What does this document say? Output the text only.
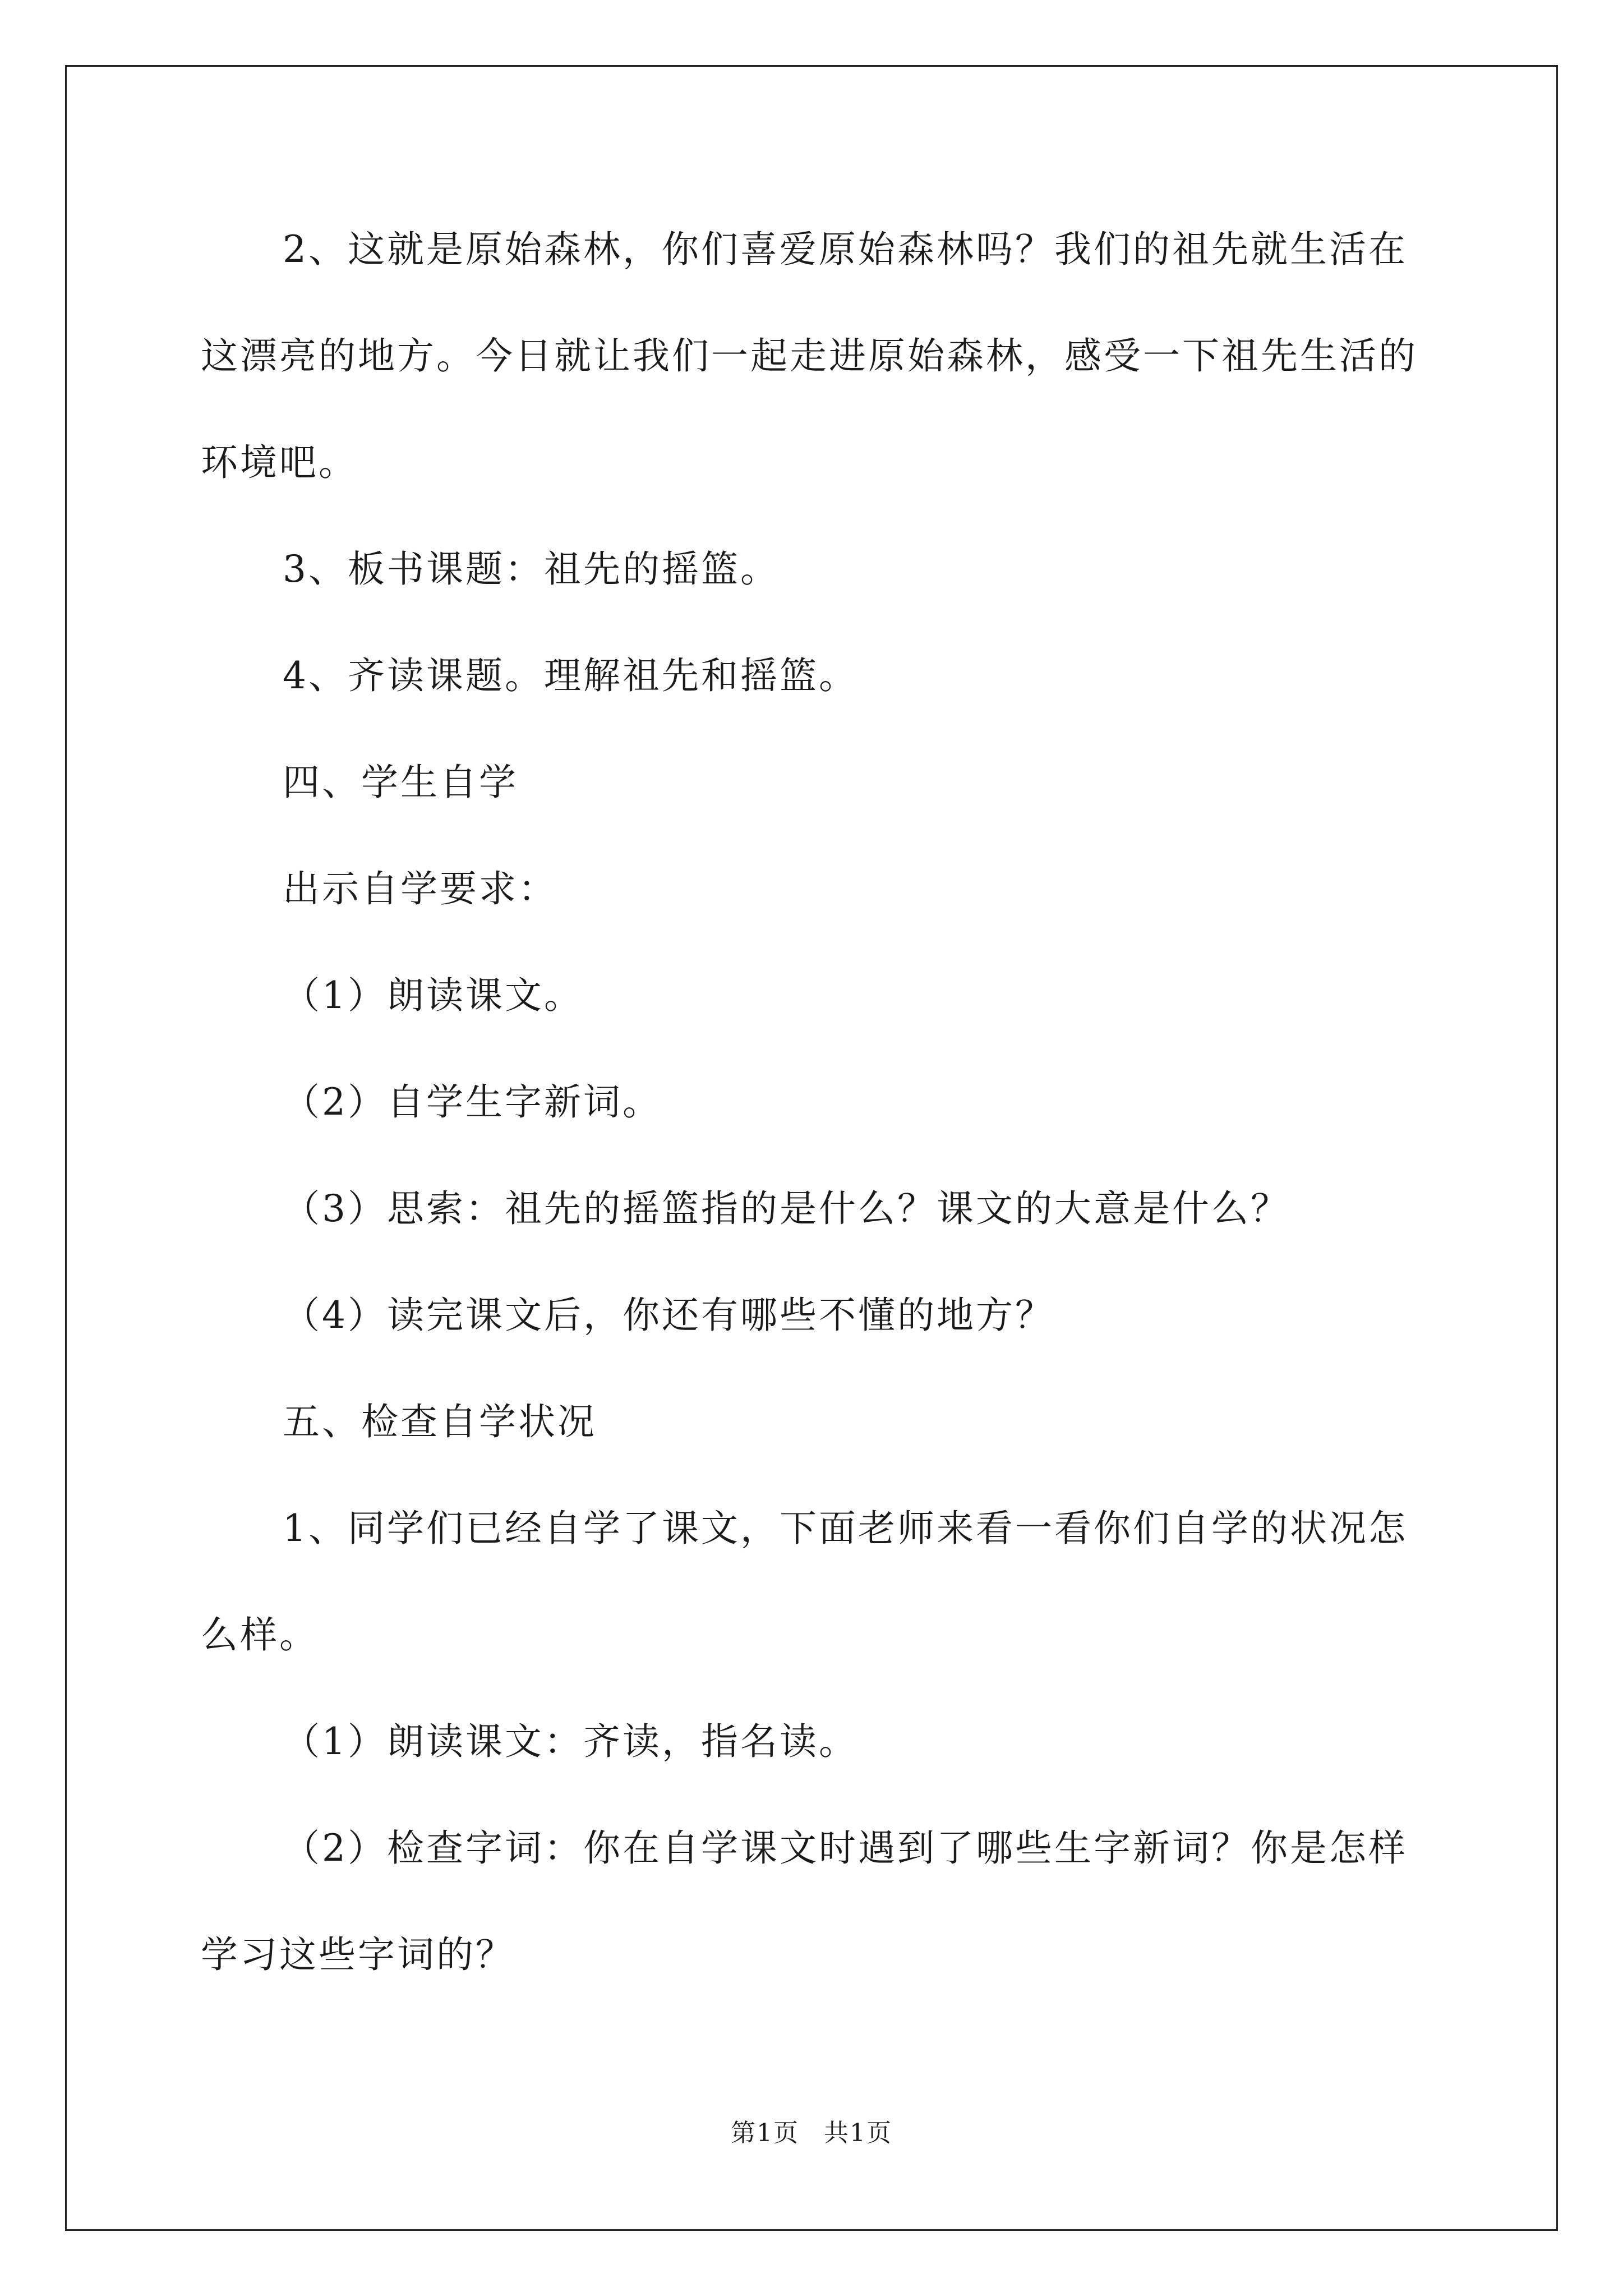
2、这就是原始森林，你们喜爱原始森林吗？我们的祖先就生活在这漂亮的地方。今日就让我们一起走进原始森林，感受一下祖先生活的环境吧。

3、板书课题：祖先的摇篮。

4、齐读课题。理解祖先和摇篮。

四、学生自学

出示自学要求：

（1）朗读课文。

（2）自学生字新词。

（3）思索：祖先的摇篮指的是什么？课文的大意是什么？

（4）读完课文后，你还有哪些不懂的地方？

五、检查自学状况

1、同学们已经自学了课文，下面老师来看一看你们自学的状况怎么样。

（1）朗读课文：齐读，指名读。

（2）检查字词：你在自学课文时遇到了哪些生字新词？你是怎样学习这些字词的？

第1页 共1页
